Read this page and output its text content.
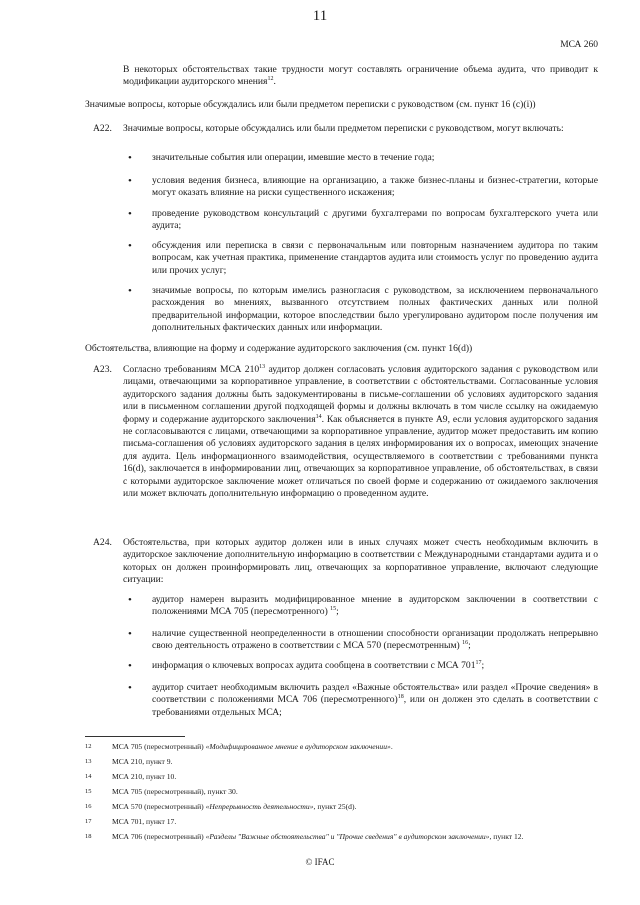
11
МСА 260

В некоторых обстоятельствах такие трудности могут составлять ограничение объема аудита, что приводит к модификации аудиторского мнения$^{12}$.

Значимые вопросы, которые обсуждались или были предметом переписки с руководством (см. пункт 16 (c)(i))

A22. Значимые вопросы, которые обсуждались или были предметом переписки с руководством, могут включать:

• значительные события или операции, имевшие место в течение года;

• условия ведения бизнеса, влияющие на организацию, а также бизнес-планы и бизнес-стратегии, которые могут оказать влияние на риски существенного искажения;

• проведение руководством консультаций с другими бухгалтерами по вопросам бухгалтерского учета или аудита;

• обсуждения или переписка в связи с первоначальным или повторным назначением аудитора по таким вопросам, как учетная практика, применение стандартов аудита или стоимость услуг по проведению аудита или прочих услуг;

• значимые вопросы, по которым имелись разногласия с руководством, за исключением первоначального расхождения во мнениях, вызванного отсутствием полных фактических данных или полной предварительной информации, которое впоследствии было урегулировано аудитором после получения им дополнительных фактических данных или информации.

Обстоятельства, влияющие на форму и содержание аудиторского заключения (см. пункт 16(d))

A23. Согласно требованиям МСА $210^{13}$ аудитор должен согласовать условия аудиторского задания с руководством или лицами, отвечающими за корпоративное управление, в соответствии с обстоятельствами. Согласованные условия аудиторского задания должны быть задокументированы в письме-соглашении об условиях аудиторского задания или в письменном соглашении другой подходящей формы и должны включать в том числе ссылку на ожидаемую форму и содержание аудиторского заключения$^{14}$. Как объясняется в пункте A9, если условия аудиторского задания не согласовываются с лицами, отвечающими за корпоративное управление, аудитор может предоставить им копию письма-соглашения об условиях аудиторского задания в целях информирования их о вопросах, имеющих значение для аудита. Цель информационного взаимодействия, осуществляемого в соответствии с требованиями пункта 16(d), заключается в информировании лиц, отвечающих за корпоративное управление, об обстоятельствах, в связи с которыми аудиторское заключение может отличаться по своей форме и содержанию от ожидаемого заключения или может включать дополнительную информацию о проведенном аудите.

A24. Обстоятельства, при которых аудитор должен или в иных случаях может счесть необходимым включить в аудиторское заключение дополнительную информацию в соответствии с Международными стандартами аудита и о которых он должен проинформировать лиц, отвечающих за корпоративное управление, включают следующие ситуации:

• аудитор намерен выразить модифицированное мнение в аудиторском заключении в соответствии с положениями МСА 705 (пересмотренного) $^{15}$;

• наличие существенной неопределенности в отношении способности организации продолжать непрерывно свою деятельность отражено в соответствии с МСА 570 (пересмотренным) $^{16}$;

• информация о ключевых вопросах аудита сообщена в соответствии с МСА $701^{17}$;

• аудитор считает необходимым включить раздел «Важные обстоятельства» или раздел «Прочие сведения» в соответствии с положениями МСА 706 (пересмотренного)$^{18}$, или он должен это сделать в соответствии с требованиями отдельных МСА;

12	МСА 705 (пересмотренный) «Модифицированное мнение в аудиторском заключении».
13	МСА 210, пункт 9.
14	МСА 210, пункт 10.
15	МСА 705 (пересмотренный), пункт 30.
16	МСА 570 (пересмотренный) «Непрерывность деятельности», пункт 25(d).
17	МСА 701, пункт 17.
18	МСА 706 (пересмотренный) «Разделы "Важные обстоятельства" и "Прочие сведения" в аудиторском заключении», пункт 12.
© IFAC
